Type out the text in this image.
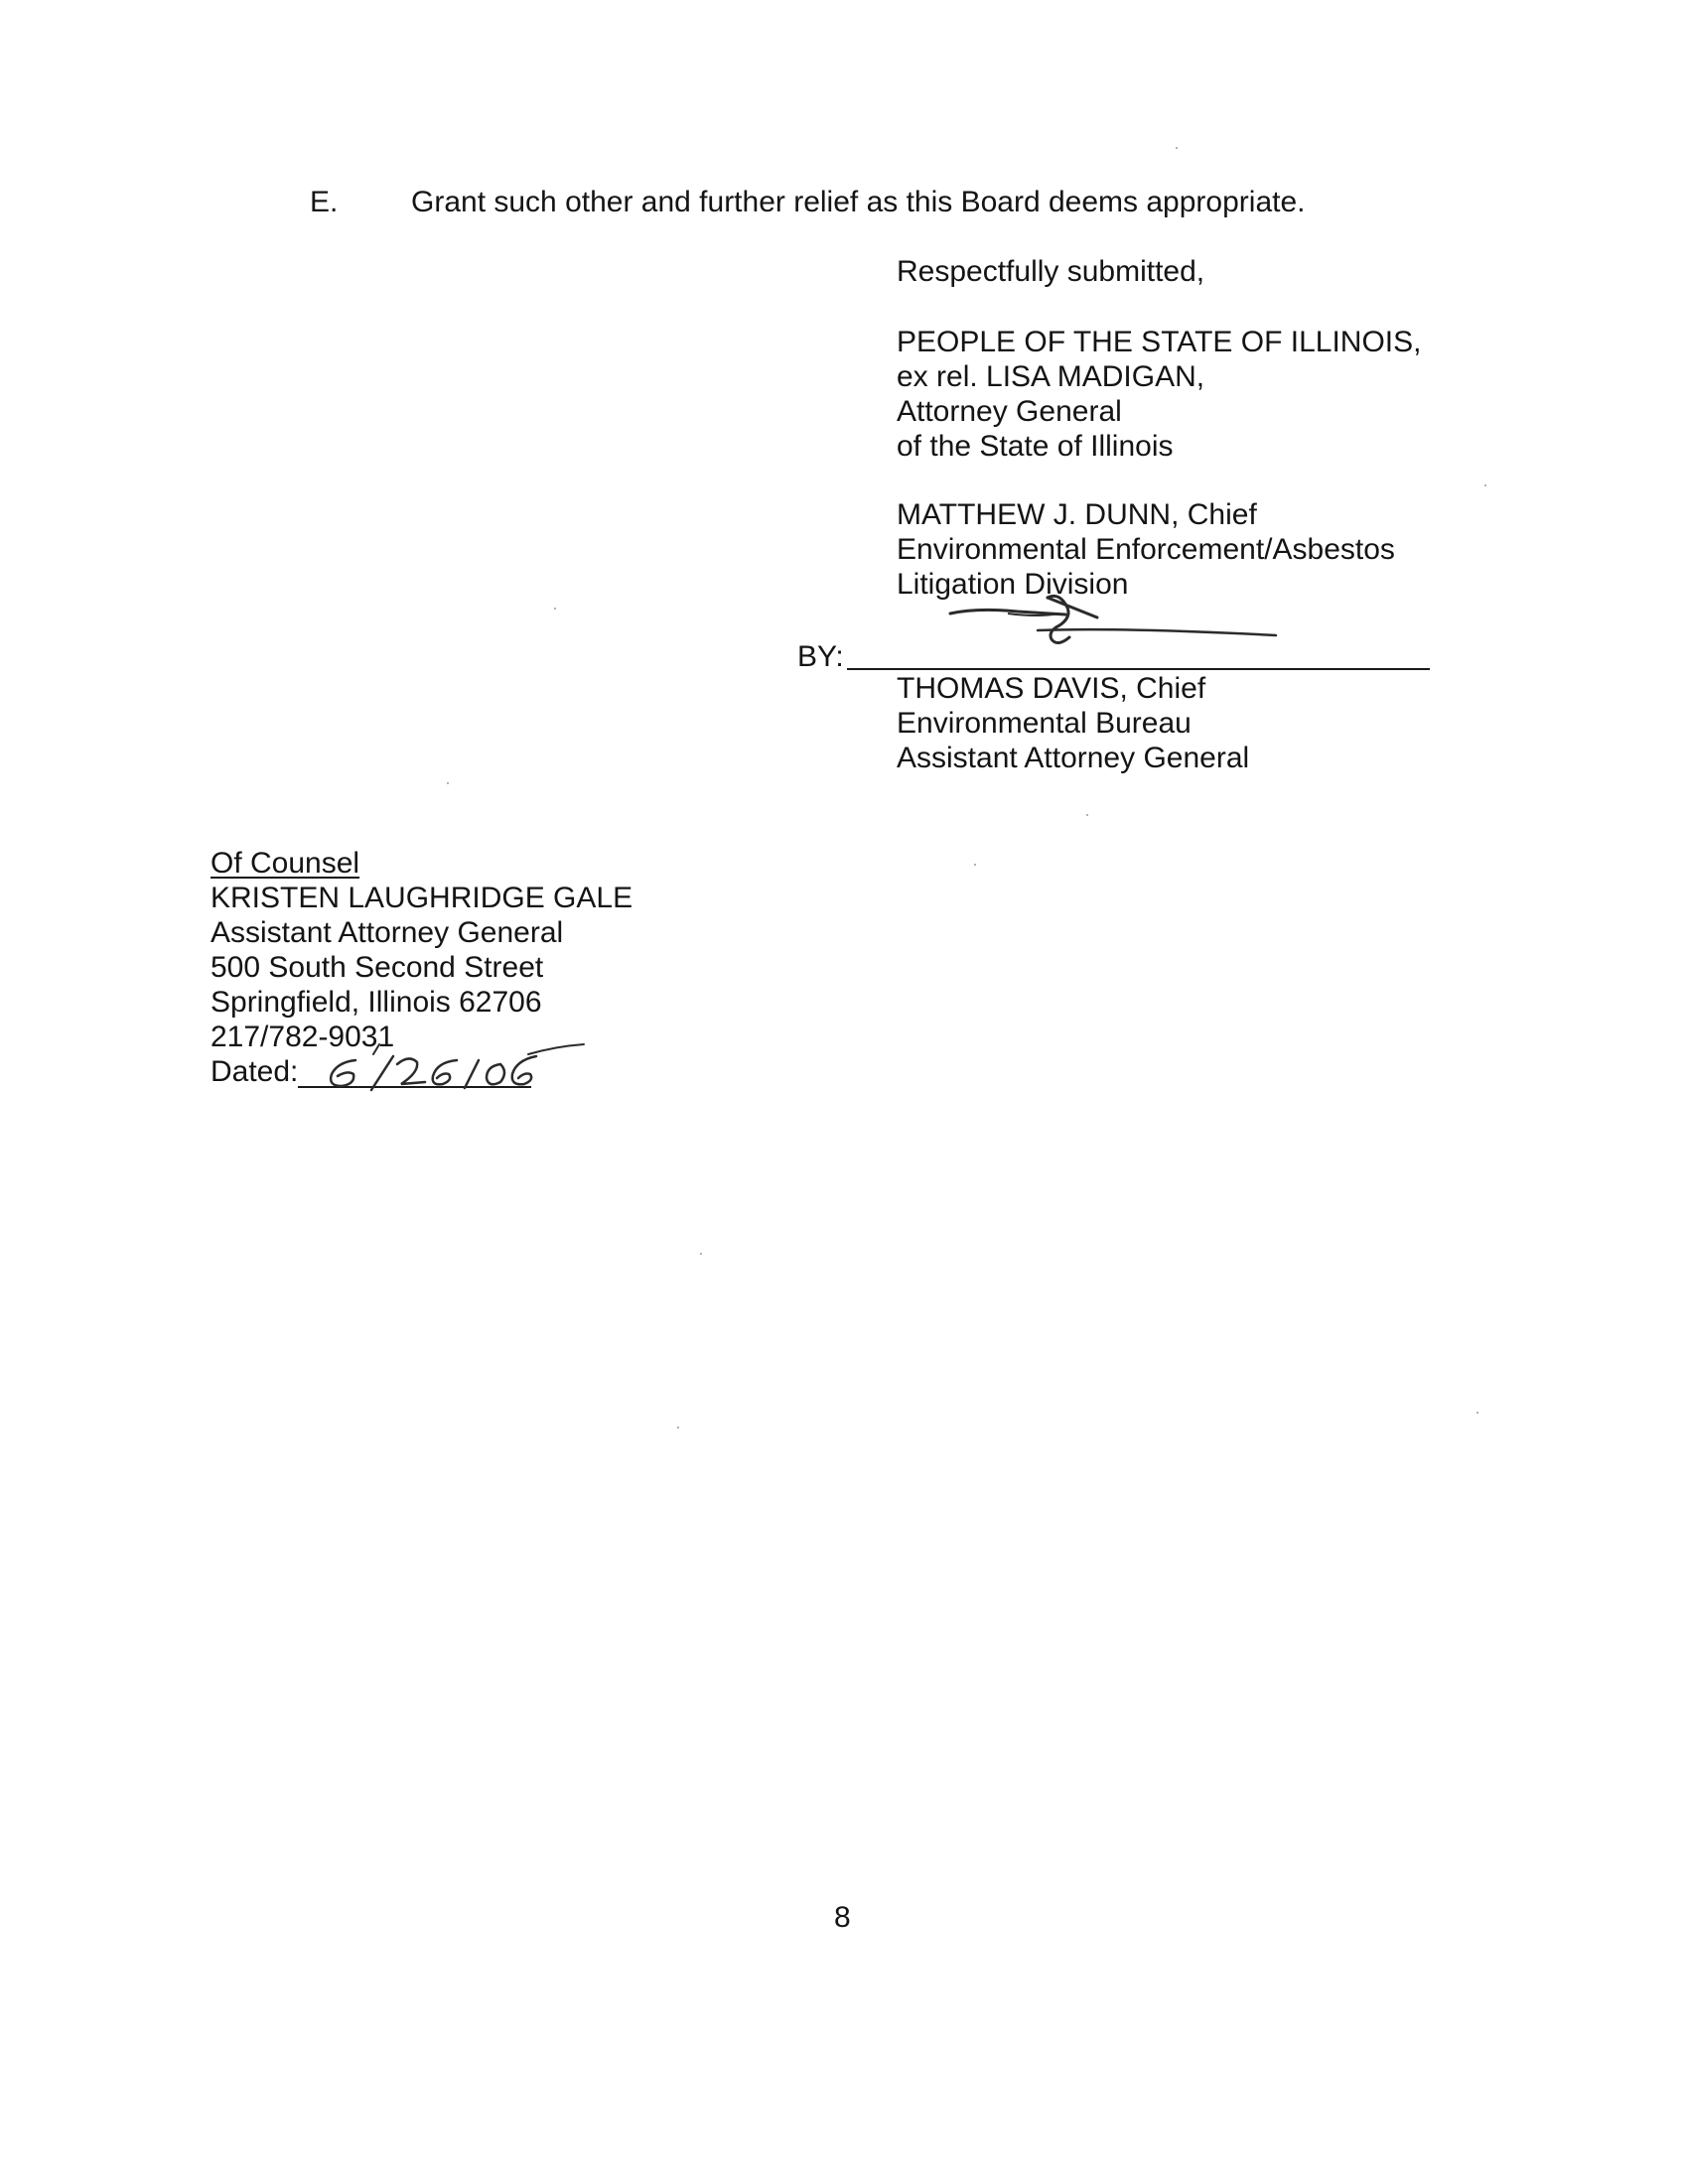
E. Grant such other and further relief as this Board deems appropriate.
Respectfully submitted,
PEOPLE OF THE STATE OF ILLINOIS,
ex rel. LISA MADIGAN,
Attorney General
of the State of Illinois
MATTHEW J. DUNN, Chief
Environmental Enforcement/Asbestos
Litigation Division
BY:
THOMAS DAVIS, Chief
Environmental Bureau
Assistant Attorney General
Of Counsel
KRISTEN LAUGHRIDGE GALE
Assistant Attorney General
500 South Second Street
Springfield, Illinois 62706
217/782-9031
Dated:
8
